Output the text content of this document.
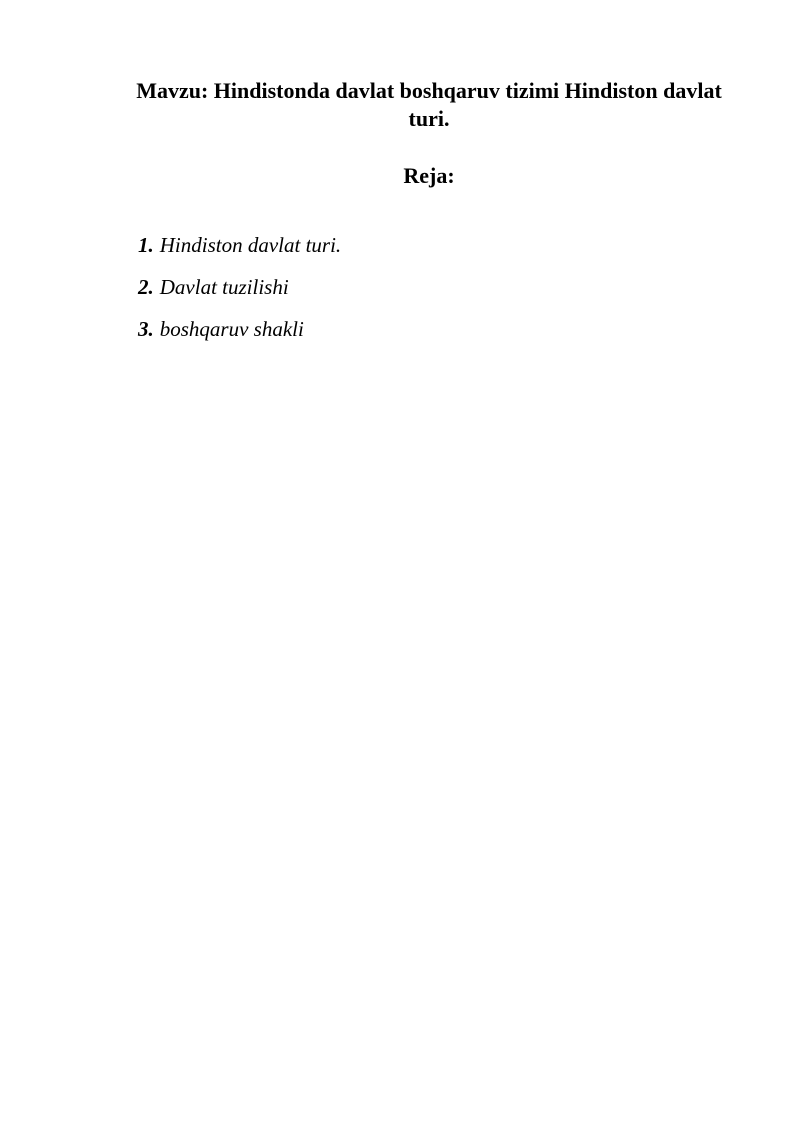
Mavzu: Hindistonda davlat boshqaruv tizimi Hindiston davlat turi.
Reja:
1. Hindiston davlat turi.
2. Davlat tuzilishi
3. boshqaruv shakli
